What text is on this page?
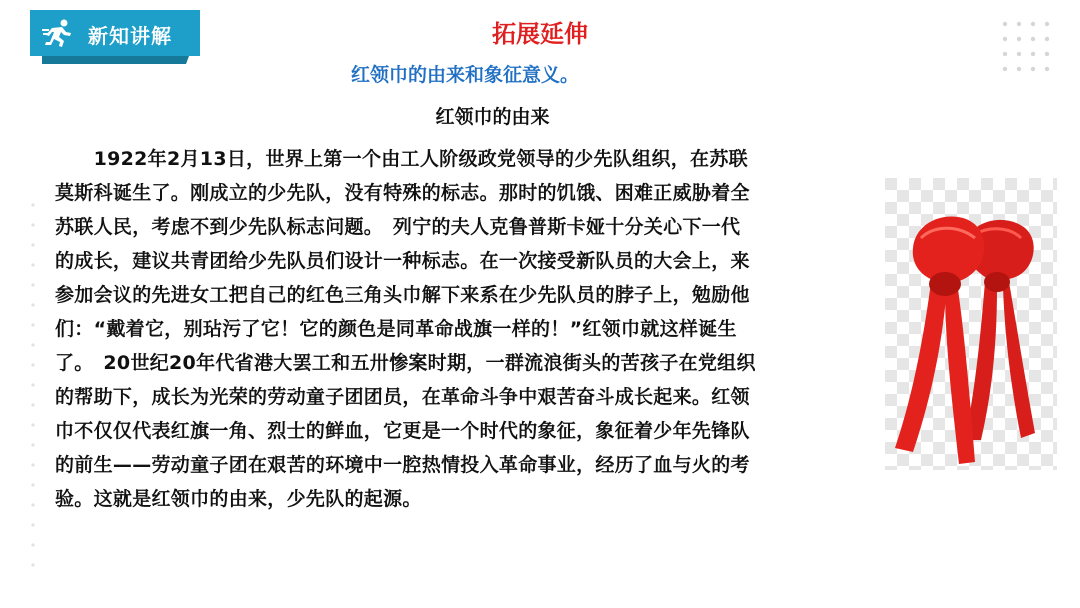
新知讲解	拓展延伸
红领巾的由来和象征意义。
红领巾的由来
　　1922年2月13日，世界上第一个由工人阶级政党领导的少先队组织，在苏联
莫斯科诞生了。刚成立的少先队，没有特殊的标志。那时的饥饿、困难正威胁着全
苏联人民，考虑不到少先队标志问题。　列宁的夫人克鲁普斯卡娅十分关心下一代
的成长，建议共青团给少先队员们设计一种标志。在一次接受新队员的大会上，来
参加会议的先进女工把自己的红色三角头巾解下来系在少先队员的脖子上，勉励他
们：“戴着它，别玷污了它！它的颜色是同革命战旗一样的！”红领巾就这样诞生
了。　20世纪20年代省港大罢工和五卅惨案时期，一群流浪街头的苦孩子在党组织
的帮助下，成长为光荣的劳动童子团团员，在革命斗争中艰苦奋斗成长起来。红领
巾不仅仅代表红旗一角、烈士的鲜血，它更是一个时代的象征，象征着少年先锋队
的前生——劳动童子团在艰苦的环境中一腔热情投入革命事业，经历了血与火的考
验。这就是红领巾的由来，少先队的起源。
